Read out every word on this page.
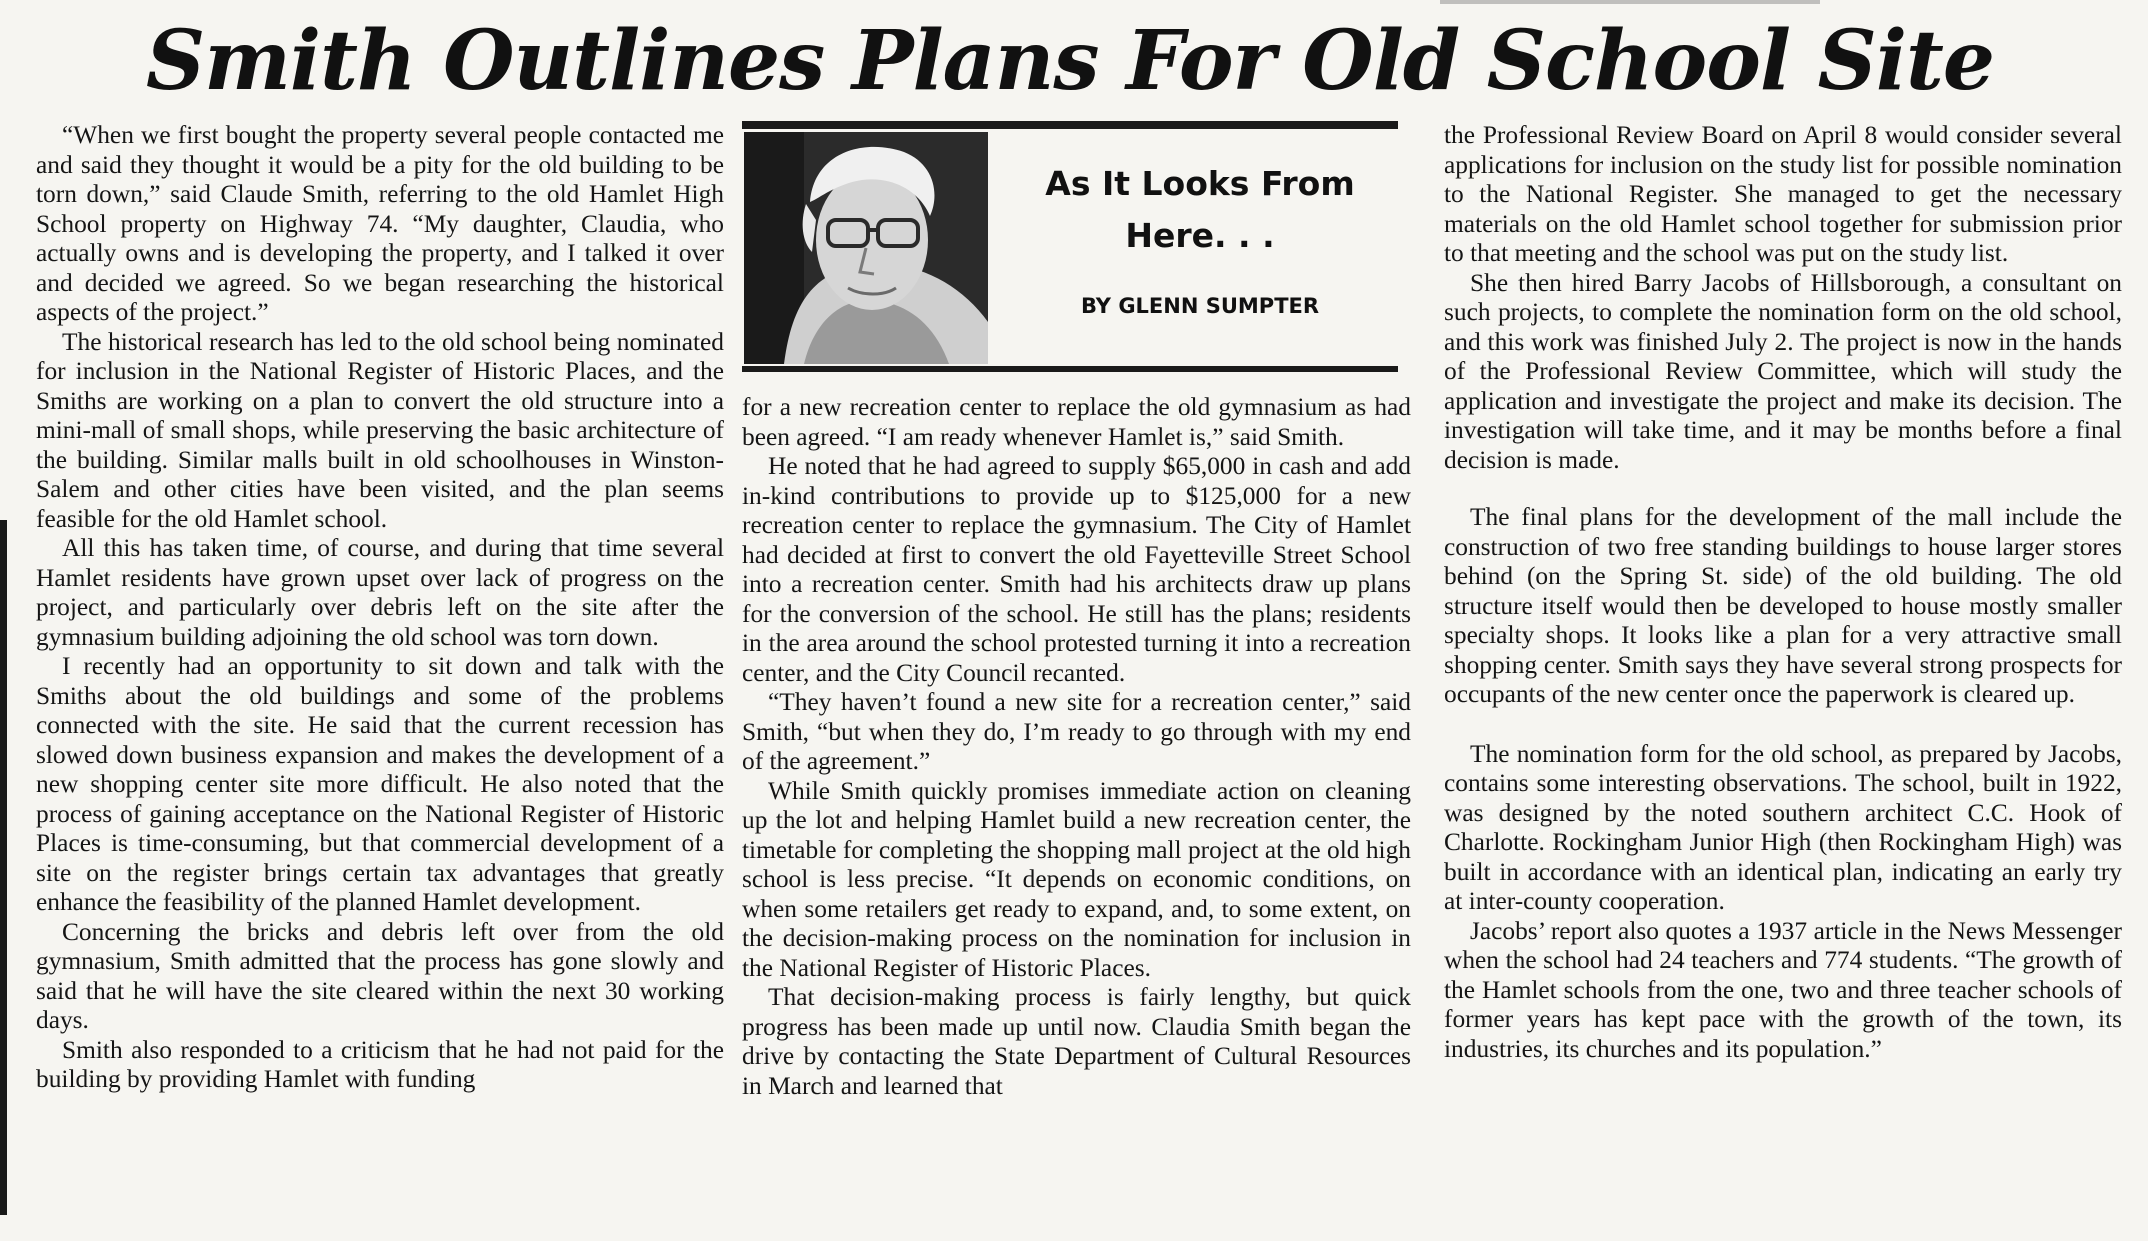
Smith Outlines Plans For Old School Site

“When we first bought the property several people contacted me and said they thought it would be a pity for the old building to be torn down,” said Claude Smith, referring to the old Hamlet High School property on Highway 74. “My daughter, Claudia, who actually owns and is developing the property, and I talked it over and decided we agreed. So we began researching the historical aspects of the project.”

The historical research has led to the old school being nominated for inclusion in the National Register of Historic Places, and the Smiths are working on a plan to convert the old structure into a mini-mall of small shops, while preserving the basic architecture of the building. Similar malls built in old schoolhouses in Winston-Salem and other cities have been visited, and the plan seems feasible for the old Hamlet school.

All this has taken time, of course, and during that time several Hamlet residents have grown upset over lack of progress on the project, and particularly over debris left on the site after the gymnasium building adjoining the old school was torn down.

I recently had an opportunity to sit down and talk with the Smiths about the old buildings and some of the problems connected with the site. He said that the current recession has slowed down business expansion and makes the development of a new shopping center site more difficult. He also noted that the process of gaining acceptance on the National Register of Historic Places is time-consuming, but that commercial development of a site on the register brings certain tax advantages that greatly enhance the feasibility of the planned Hamlet development.

Concerning the bricks and debris left over from the old gymnasium, Smith admitted that the process has gone slowly and said that he will have the site cleared within the next 30 working days.

Smith also responded to a criticism that he had not paid for the building by providing Hamlet with funding

As It Looks From Here. . .
BY GLENN SUMPTER

for a new recreation center to replace the old gymnasium as had been agreed. “I am ready whenever Hamlet is,” said Smith.

He noted that he had agreed to supply $65,000 in cash and add in-kind contributions to provide up to $125,000 for a new recreation center to replace the gymnasium. The City of Hamlet had decided at first to convert the old Fayetteville Street School into a recreation center. Smith had his architects draw up plans for the conversion of the school. He still has the plans; residents in the area around the school protested turning it into a recreation center, and the City Council recanted.

“They haven’t found a new site for a recreation center,” said Smith, “but when they do, I’m ready to go through with my end of the agreement.”

While Smith quickly promises immediate action on cleaning up the lot and helping Hamlet build a new recreation center, the timetable for completing the shopping mall project at the old high school is less precise. “It depends on economic conditions, on when some retailers get ready to expand, and, to some extent, on the decision-making process on the nomination for inclusion in the National Register of Historic Places.

That decision-making process is fairly lengthy, but quick progress has been made up until now. Claudia Smith began the drive by contacting the State Department of Cultural Resources in March and learned that

the Professional Review Board on April 8 would consider several applications for inclusion on the study list for possible nomination to the National Register. She managed to get the necessary materials on the old Hamlet school together for submission prior to that meeting and the school was put on the study list.

She then hired Barry Jacobs of Hillsborough, a consultant on such projects, to complete the nomination form on the old school, and this work was finished July 2. The project is now in the hands of the Professional Review Committee, which will study the application and investigate the project and make its decision. The investigation will take time, and it may be months before a final decision is made.

The final plans for the development of the mall include the construction of two free standing buildings to house larger stores behind (on the Spring St. side) of the old building. The old structure itself would then be developed to house mostly smaller specialty shops. It looks like a plan for a very attractive small shopping center. Smith says they have several strong prospects for occupants of the new center once the paperwork is cleared up.

The nomination form for the old school, as prepared by Jacobs, contains some interesting observations. The school, built in 1922, was designed by the noted southern architect C.C. Hook of Charlotte. Rockingham Junior High (then Rockingham High) was built in accordance with an identical plan, indicating an early try at inter-county cooperation.

Jacobs’ report also quotes a 1937 article in the News Messenger when the school had 24 teachers and 774 students. “The growth of the Hamlet schools from the one, two and three teacher schools of former years has kept pace with the growth of the town, its industries, its churches and its population.”
